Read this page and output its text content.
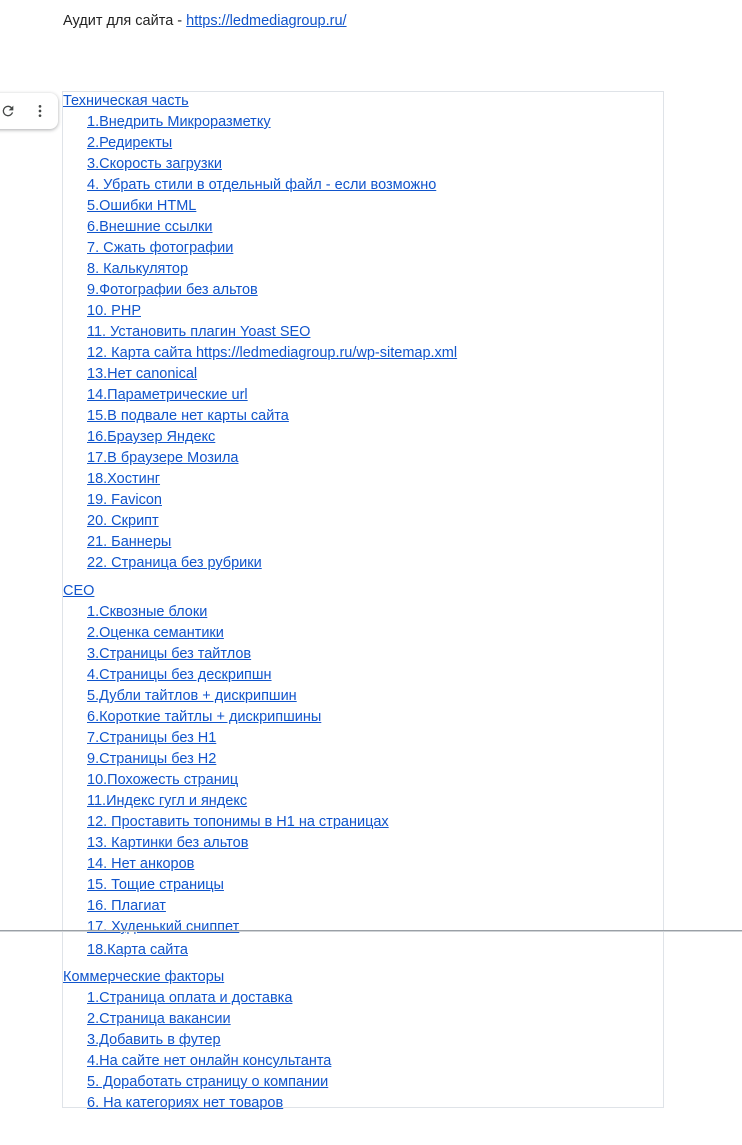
Аудит для сайта - https://ledmediagroup.ru/
Техническая часть
1.Внедрить Микроразметку
2.Редиректы
3.Скорость загрузки
4. Убрать стили в отдельный файл - если возможно
5.Ошибки HTML
6.Внешние ссылки
7. Сжать фотографии
8. Калькулятор
9.Фотографии без альтов
10. PHP
11. Установить плагин Yoast SEO
12. Карта сайта https://ledmediagroup.ru/wp-sitemap.xml
13.Нет canonical
14.Параметрические url
15.В подвале нет карты сайта
16.Браузер Яндекс
17.В браузере Мозила
18.Хостинг
19. Favicon
20. Скрипт
21. Баннеры
22. Страница без рубрики
CEO
1.Сквозные блоки
2.Оценка семантики
3.Страницы без тайтлов
4.Страницы без дескрипшн
5.Дубли тайтлов + дискрипшин
6.Короткие тайтлы + дискрипшины
7.Страницы без H1
9.Страницы без H2
10.Похожесть страниц
11.Индекс гугл и яндекс
12. Проставить топонимы в H1 на страницах
13. Картинки без альтов
14. Нет анкоров
15. Тощие страницы
16. Плагиат
17. Худенький сниппет
18.Карта сайта
Коммерческие факторы
1.Страница оплата и доставка
2.Страница вакансии
3.Добавить в футер
4.На сайте нет онлайн консультанта
5. Доработать страницу о компании
6. На категориях нет товаров
